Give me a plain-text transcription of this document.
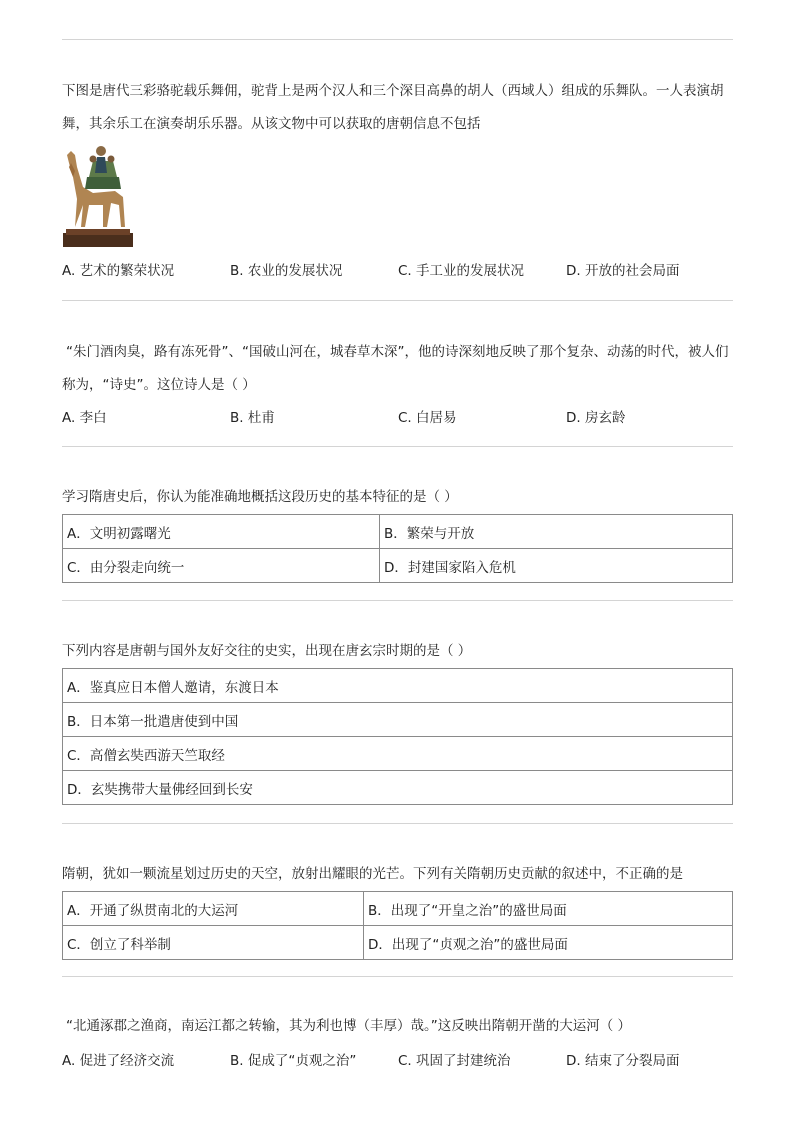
下图是唐代三彩骆驼载乐舞佣，驼背上是两个汉人和三个深目高鼻的胡人（西域人）组成的乐舞队。一人表演胡舞，其余乐工在演奏胡乐乐器。从该文物中可以获取的唐朝信息不包括

A. 艺术的繁荣状况	B. 农业的发展状况	C. 手工业的发展状况	D. 开放的社会局面

“朱门酒肉臭，路有冻死骨”、“国破山河在，城春草木深”，他的诗深刻地反映了那个复杂、动荡的时代，被人们称为，“诗史”。这位诗人是（ ）

A. 李白	B. 杜甫	C. 白居易	D. 房玄龄

学习隋唐史后，你认为能准确地概括这段历史的基本特征的是（ ）

A．文明初露曙光	B．繁荣与开放
C．由分裂走向统一	D．封建国家陷入危机

下列内容是唐朝与国外友好交往的史实，出现在唐玄宗时期的是（ ）

A．鉴真应日本僧人邀请，东渡日本
B．日本第一批遣唐使到中国
C．高僧玄奘西游天竺取经
D．玄奘携带大量佛经回到长安

隋朝，犹如一颗流星划过历史的天空，放射出耀眼的光芒。下列有关隋朝历史贡献的叙述中，不正确的是

A．开通了纵贯南北的大运河	B．出现了“开皇之治”的盛世局面
C．创立了科举制	D．出现了“贞观之治”的盛世局面

“北通涿郡之渔商，南运江都之转输，其为利也博（丰厚）哉。”这反映出隋朝开凿的大运河（ ）

A. 促进了经济交流	B. 促成了“贞观之治”	C. 巩固了封建统治	D. 结束了分裂局面
